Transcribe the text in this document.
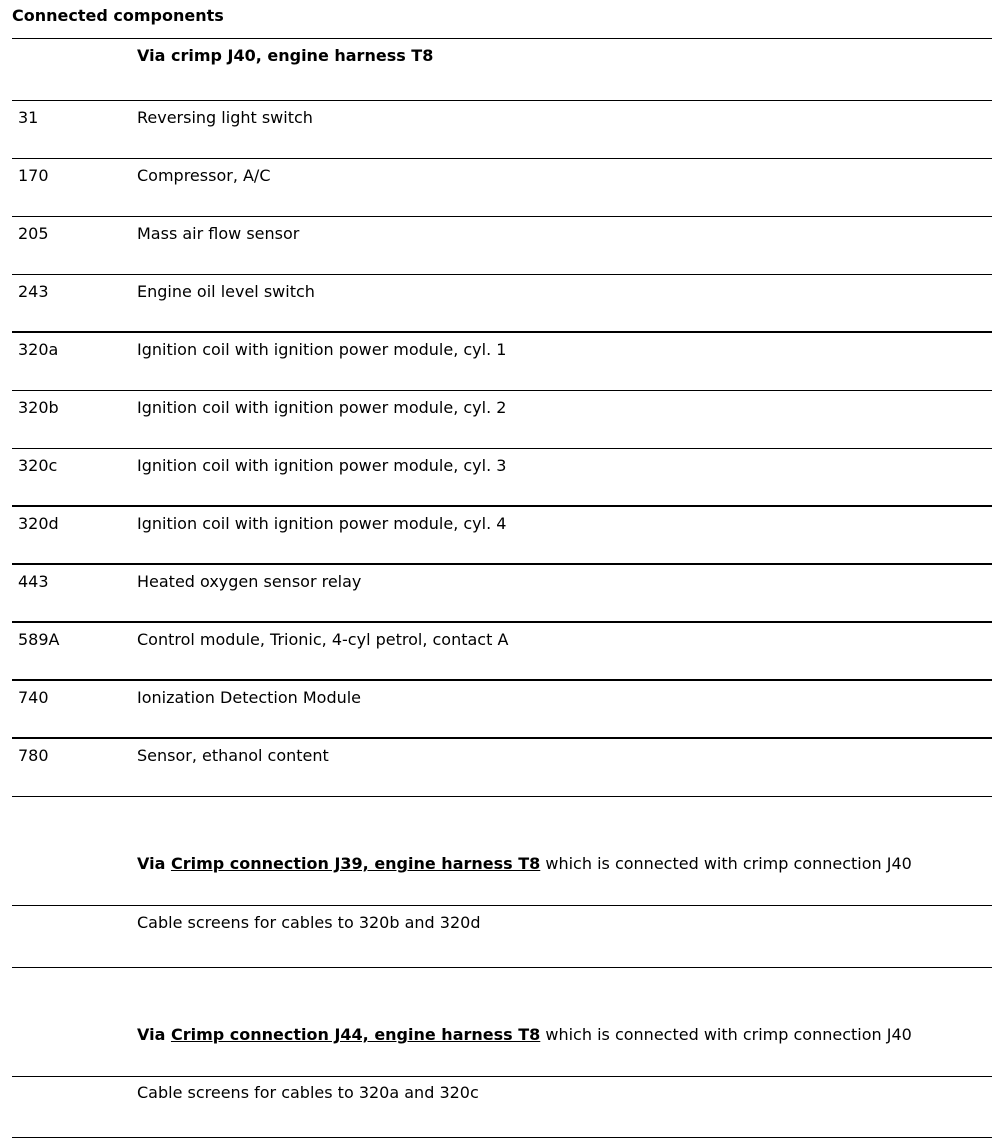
Connected components
Via crimp J40, engine harness T8
31	Reversing light switch
170	Compressor, A/C
205	Mass air flow sensor
243	Engine oil level switch
320a	Ignition coil with ignition power module, cyl. 1
320b	Ignition coil with ignition power module, cyl. 2
320c	Ignition coil with ignition power module, cyl. 3
320d	Ignition coil with ignition power module, cyl. 4
443	Heated oxygen sensor relay
589A	Control module, Trionic, 4-cyl petrol, contact A
740	Ionization Detection Module
780	Sensor, ethanol content
Via Crimp connection J39, engine harness T8 which is connected with crimp connection J40
Cable screens for cables to 320b and 320d
Via Crimp connection J44, engine harness T8 which is connected with crimp connection J40
Cable screens for cables to 320a and 320c
